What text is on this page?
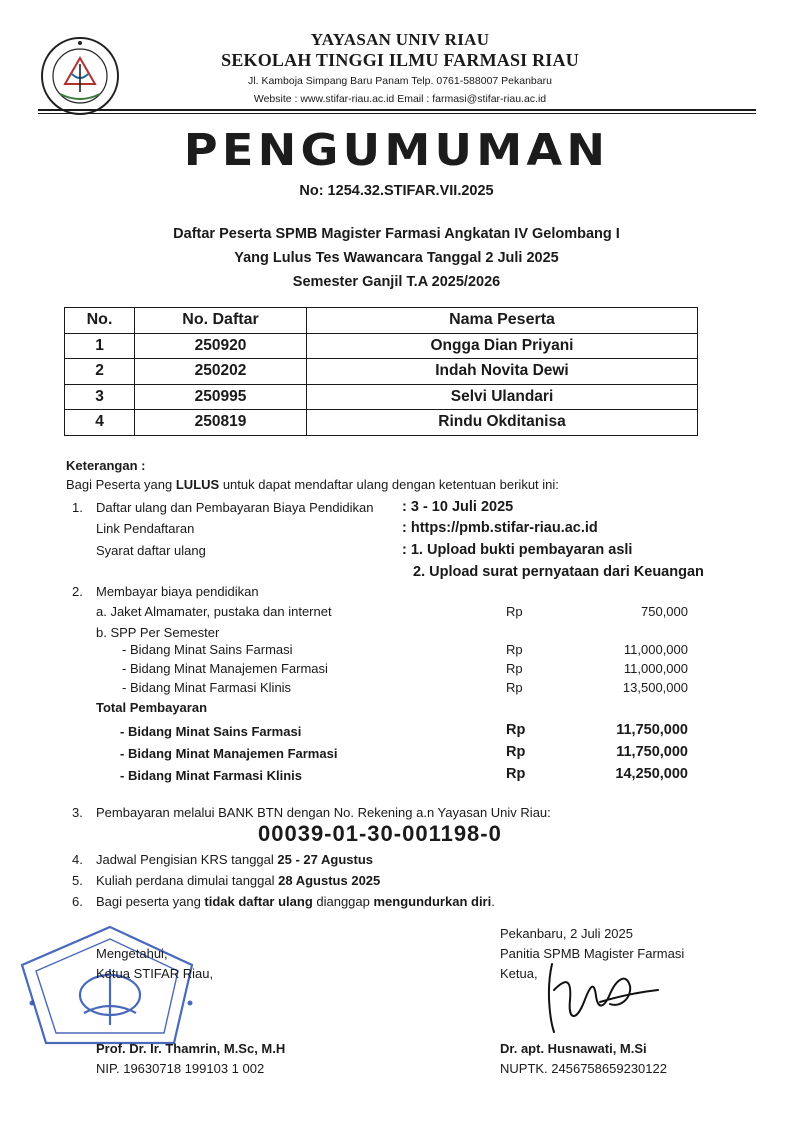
YAYASAN UNIV RIAU
SEKOLAH TINGGI ILMU FARMASI RIAU
Jl. Kamboja Simpang Baru Panam Telp. 0761-588007 Pekanbaru
Website : www.stifar-riau.ac.id Email : farmasi@stifar-riau.ac.id
PENGUMUMAN
No: 1254.32.STIFAR.VII.2025
Daftar Peserta SPMB Magister Farmasi Angkatan IV Gelombang I
Yang Lulus Tes Wawancara Tanggal 2 Juli 2025
Semester Ganjil T.A 2025/2026
No.	No. Daftar	Nama Peserta
1	250920	Ongga Dian Priyani
2	250202	Indah Novita Dewi
3	250995	Selvi Ulandari
4	250819	Rindu Okditanisa
Keterangan :
Bagi Peserta yang LULUS untuk dapat mendaftar ulang dengan ketentuan berikut ini:
1. Daftar ulang dan Pembayaran Biaya Pendidikan : 3 - 10 Juli 2025
Link Pendaftaran	: https://pmb.stifar-riau.ac.id
Syarat daftar ulang	: 1. Upload bukti pembayaran asli
2. Upload surat pernyataan dari Keuangan
2. Membayar biaya pendidikan
a. Jaket Almamater, pustaka dan internet	Rp	750,000
b. SPP Per Semester
- Bidang Minat Sains Farmasi	Rp	11,000,000
- Bidang Minat Manajemen Farmasi	Rp	11,000,000
- Bidang Minat Farmasi Klinis	Rp	13,500,000
Total Pembayaran
- Bidang Minat Sains Farmasi	Rp	11,750,000
- Bidang Minat Manajemen Farmasi	Rp	11,750,000
- Bidang Minat Farmasi Klinis	Rp	14,250,000
3. Pembayaran melalui BANK BTN dengan No. Rekening a.n Yayasan Univ Riau:
00039-01-30-001198-0
4. Jadwal Pengisian KRS tanggal 25 - 27 Agustus
5. Kuliah perdana dimulai tanggal 28 Agustus 2025
6. Bagi peserta yang tidak daftar ulang dianggap mengundurkan diri.
Mengetahui,
Ketua STIFAR Riau,
Prof. Dr. Ir. Thamrin, M.Sc, M.H
NIP. 19630718 199103 1 002
Pekanbaru, 2 Juli 2025
Panitia SPMB Magister Farmasi
Ketua,
Dr. apt. Husnawati, M.Si
NUPTK. 2456758659230122
